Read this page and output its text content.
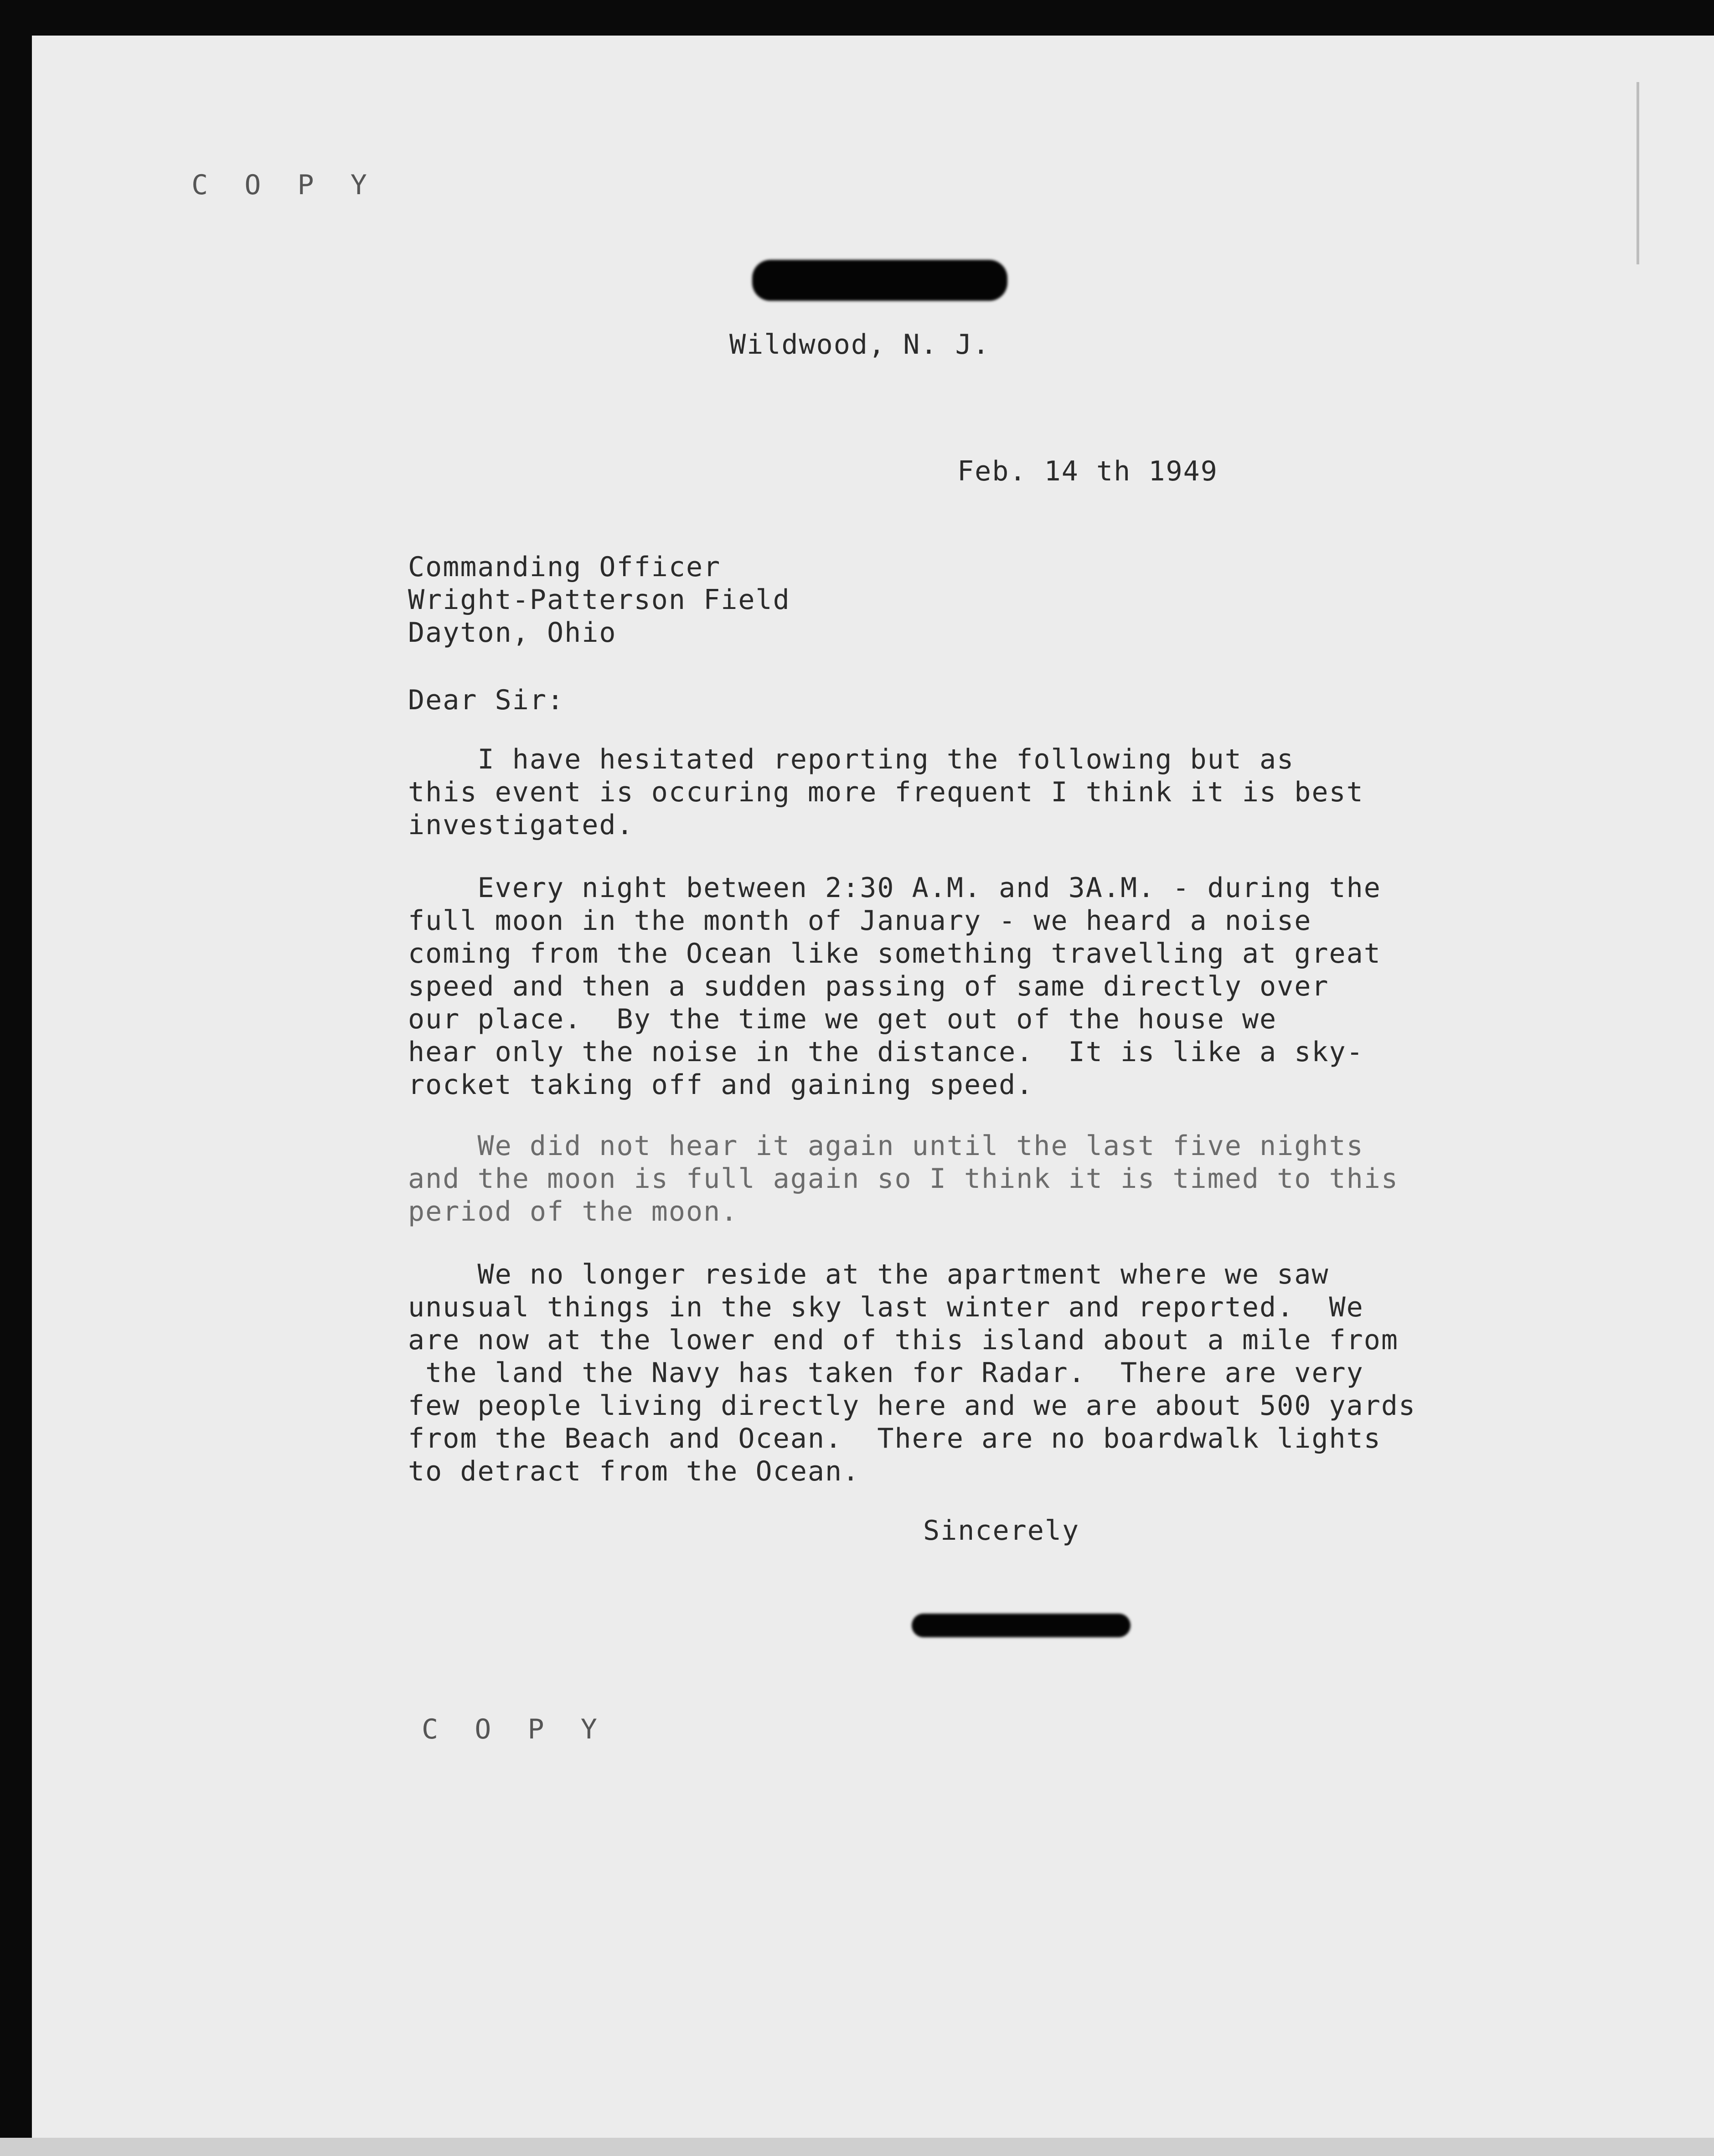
C O P Y
Wildwood, N. J.
Feb. 14 th 1949
Commanding Officer
Wright-Patterson Field
Dayton, Ohio
Dear Sir:
I have hesitated reporting the following but as
this event is occuring more frequent I think it is best
investigated.
Every night between 2:30 A.M. and 3A.M. - during the
full moon in the month of January - we heard a noise
coming from the Ocean like something travelling at great
speed and then a sudden passing of same directly over
our place.  By the time we get out of the house we
hear only the noise in the distance.  It is like a sky-
rocket taking off and gaining speed.
We did not hear it again until the last five nights
and the moon is full again so I think it is timed to this
period of the moon.
We no longer reside at the apartment where we saw
unusual things in the sky last winter and reported.  We
are now at the lower end of this island about a mile from
the land the Navy has taken for Radar.  There are very
few people living directly here and we are about 500 yards
from the Beach and Ocean.  There are no boardwalk lights
to detract from the Ocean.
Sincerely
C O P Y
